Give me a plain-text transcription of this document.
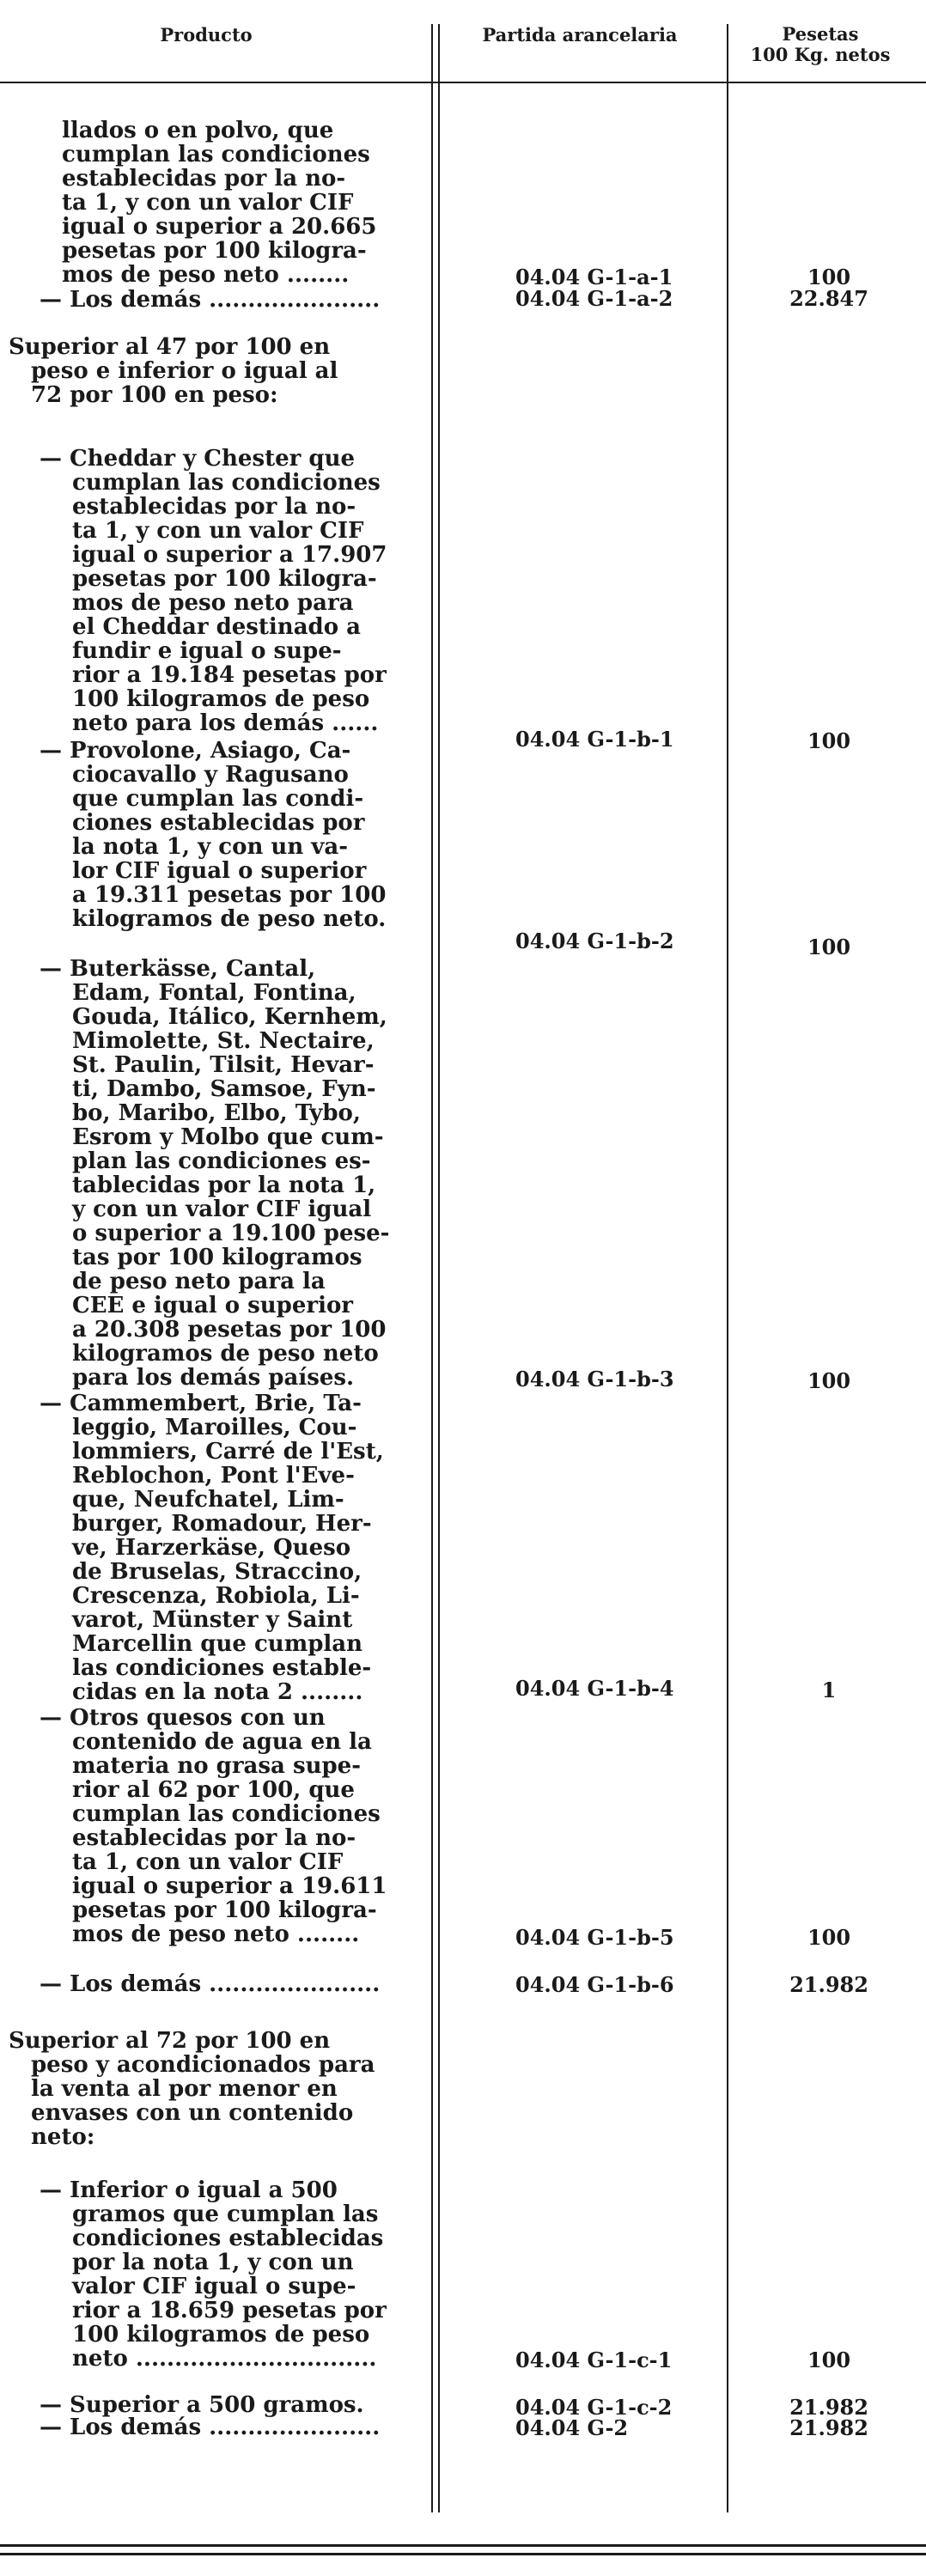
Producto	Partida arancelaria	Pesetas
100 Kg. netos
llados o en polvo, que
cumplan las condiciones
establecidas por la no-
ta 1, y con un valor CIF
igual o superior a 20.665
pesetas por 100 kilogra-
mos de peso neto ........	04.04 G-1-a-1	100
— Los demás ......................	04.04 G-1-a-2	22.847
Superior al 47 por 100 en
peso e inferior o igual al
72 por 100 en peso:
— Cheddar y Chester que
cumplan las condiciones
establecidas por la no-
ta 1, y con un valor CIF
igual o superior a 17.907
pesetas por 100 kilogra-
mos de peso neto para
el Cheddar destinado a
fundir e igual o supe-
rior a 19.184 pesetas por
100 kilogramos de peso
neto para los demás ......
04.04 G-1-b-1	100
— Provolone, Asiago, Ca-
ciocavallo y Ragusano
que cumplan las condi-
ciones establecidas por
la nota 1, y con un va-
lor CIF igual o superior
a 19.311 pesetas por 100
kilogramos de peso neto.
04.04 G-1-b-2	100
— Buterkässe, Cantal,
Edam, Fontal, Fontina,
Gouda, Itálico, Kernhem,
Mimolette, St. Nectaire,
St. Paulin, Tilsit, Hevar-
ti, Dambo, Samsoe, Fyn-
bo, Maribo, Elbo, Tybo,
Esrom y Molbo que cum-
plan las condiciones es-
tablecidas por la nota 1,
y con un valor CIF igual
o superior a 19.100 pese-
tas por 100 kilogramos
de peso neto para la
CEE e igual o superior
a 20.308 pesetas por 100
kilogramos de peso neto
para los demás países.	04.04 G-1-b-3	100
— Cammembert, Brie, Ta-
leggio, Maroilles, Cou-
lommiers, Carré de l'Est,
Reblochon, Pont l'Eve-
que, Neufchatel, Lim-
burger, Romadour, Her-
ve, Harzerkäse, Queso
de Bruselas, Straccino,
Crescenza, Robiola, Li-
varot, Münster y Saint
Marcellin que cumplan
las condiciones estable-
cidas en la nota 2 ........	04.04 G-1-b-4	1
— Otros quesos con un
contenido de agua en la
materia no grasa supe-
rior al 62 por 100, que
cumplan las condiciones
establecidas por la no-
ta 1, con un valor CIF
igual o superior a 19.611
pesetas por 100 kilogra-
mos de peso neto ........	04.04 G-1-b-5	100
— Los demás ......................	04.04 G-1-b-6	21.982
Superior al 72 por 100 en
peso y acondicionados para
la venta al por menor en
envases con un contenido
neto:
— Inferior o igual a 500
gramos que cumplan las
condiciones establecidas
por la nota 1, y con un
valor CIF igual o supe-
rior a 18.659 pesetas por
100 kilogramos de peso
neto ...............................	04.04 G-1-c-1	100
— Superior a 500 gramos.	04.04 G-1-c-2	21.982
— Los demás ......................	04.04 G-2	21.982
